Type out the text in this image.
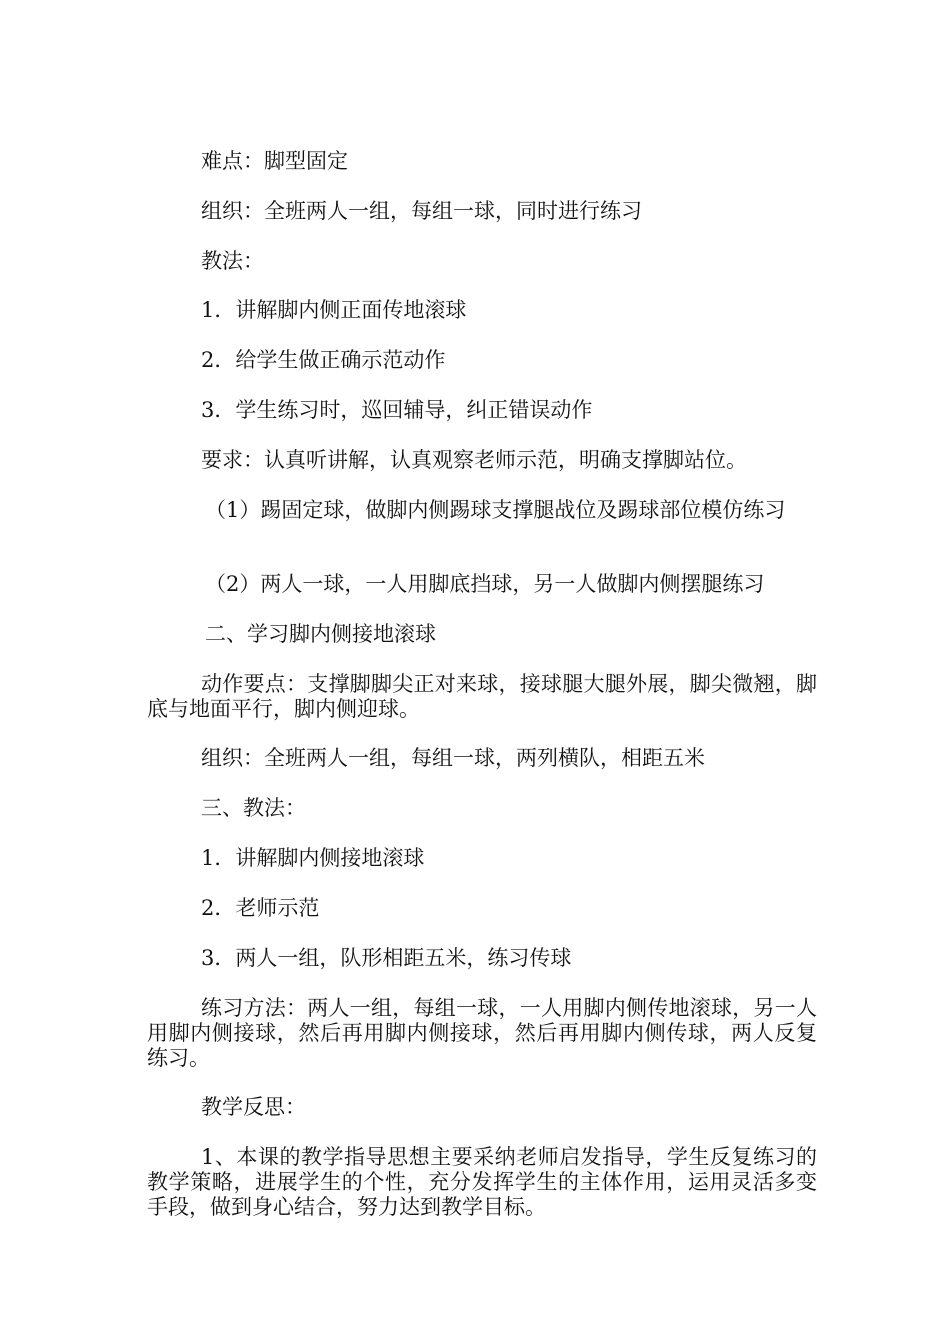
难点：脚型固定

组织：全班两人一组，每组一球，同时进行练习

教法：

1．讲解脚内侧正面传地滚球

2．给学生做正确示范动作

3．学生练习时，巡回辅导，纠正错误动作

要求：认真听讲解，认真观察老师示范，明确支撑脚站位。

（1）踢固定球，做脚内侧踢球支撑腿战位及踢球部位模仿练习

（2）两人一球，一人用脚底挡球，另一人做脚内侧摆腿练习

二、学习脚内侧接地滚球

动作要点：支撑脚脚尖正对来球，接球腿大腿外展，脚尖微翘，脚底与地面平行，脚内侧迎球。

组织：全班两人一组，每组一球，两列横队，相距五米

三、教法：

1．讲解脚内侧接地滚球

2．老师示范

3．两人一组，队形相距五米，练习传球

练习方法：两人一组，每组一球，一人用脚内侧传地滚球，另一人用脚内侧接球，然后再用脚内侧接球，然后再用脚内侧传球，两人反复练习。

教学反思：

1、本课的教学指导思想主要采纳老师启发指导，学生反复练习的教学策略，进展学生的个性，充分发挥学生的主体作用，运用灵活多变手段，做到身心结合，努力达到教学目标。
